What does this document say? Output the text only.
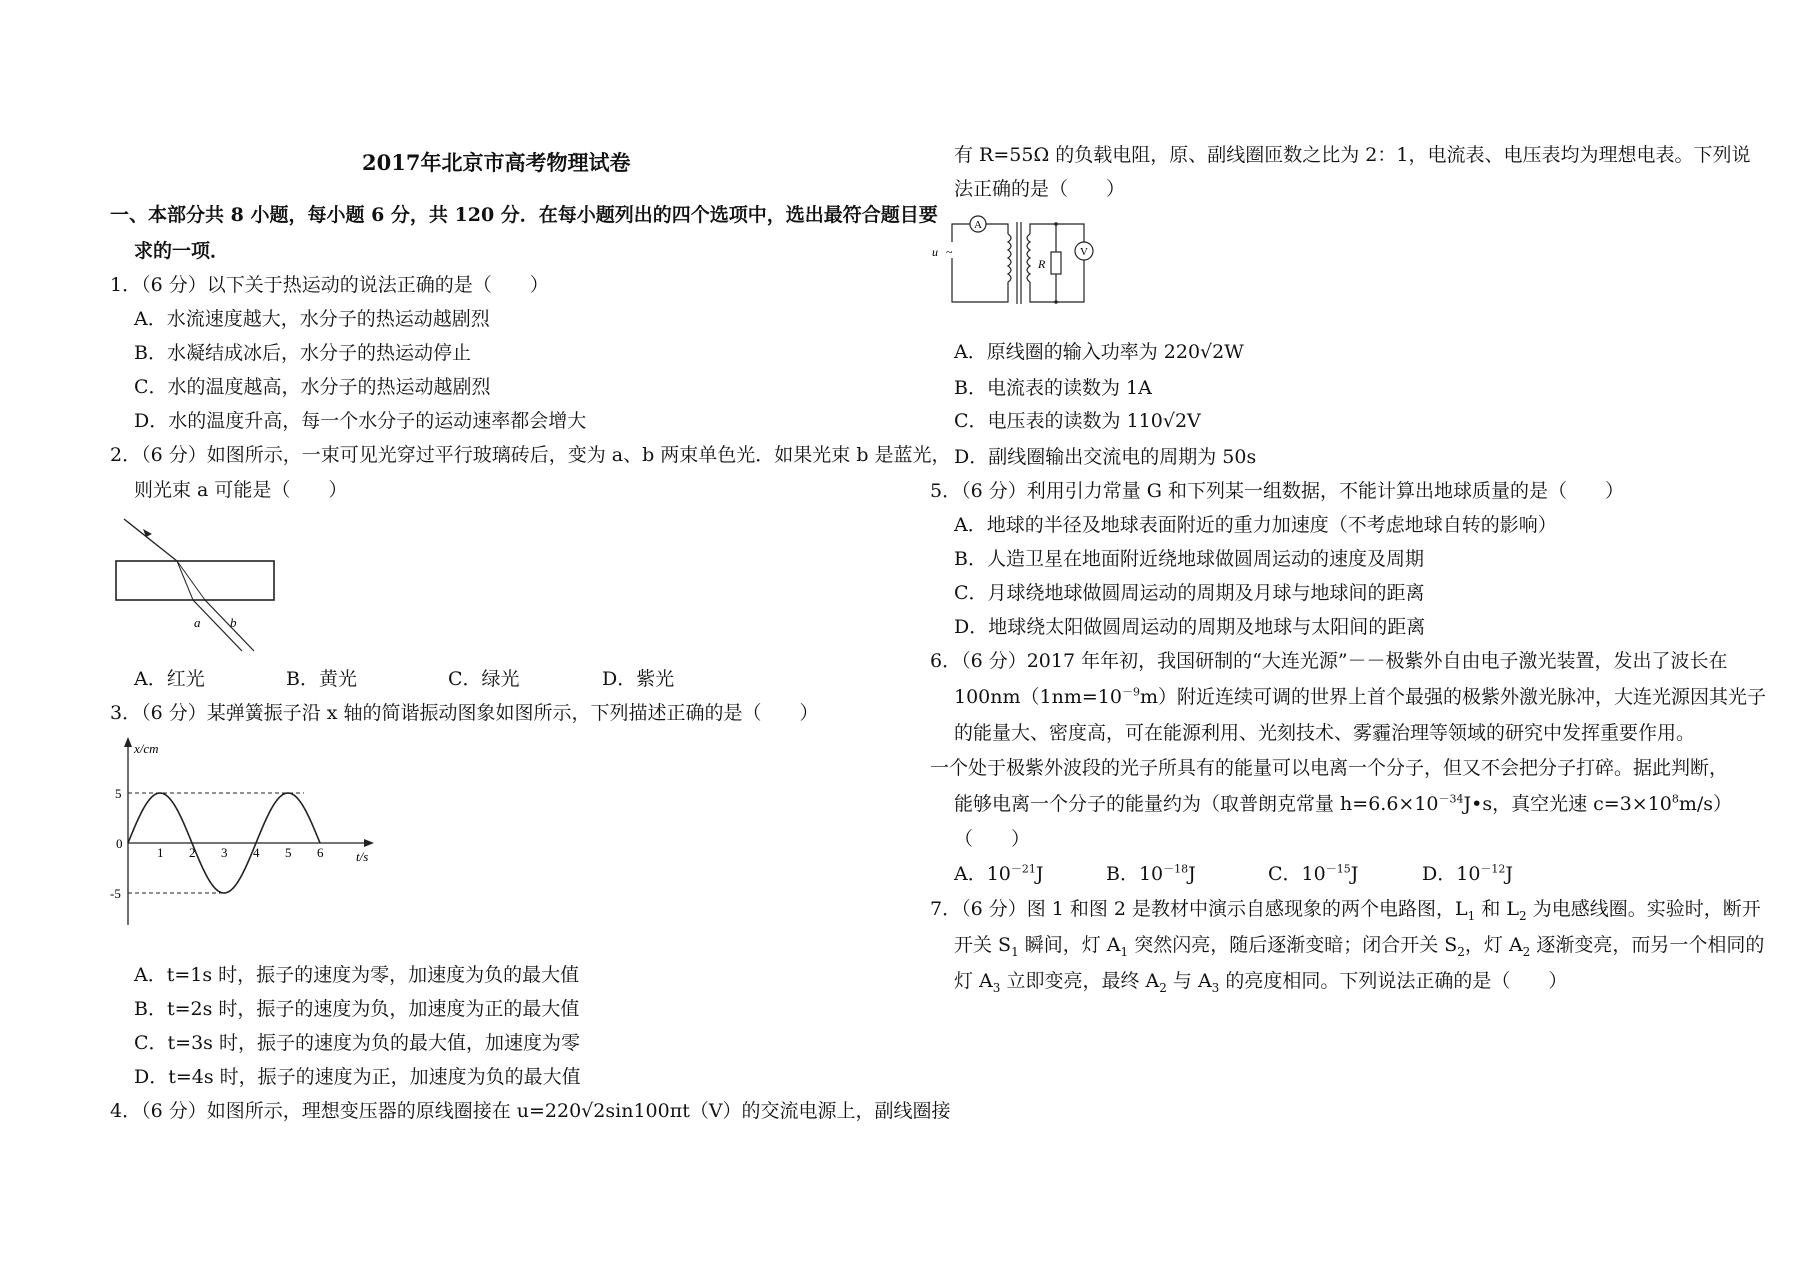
2017年北京市高考物理试卷
一、本部分共 8 小题，每小题 6 分，共 120 分．在每小题列出的四个选项中，选出最符合题目要
求的一项．
1．（6 分）以下关于热运动的说法正确的是（　　）
A．水流速度越大，水分子的热运动越剧烈
B．水凝结成冰后，水分子的热运动停止
C．水的温度越高，水分子的热运动越剧烈
D．水的温度升高，每一个水分子的运动速率都会增大
2．（6 分）如图所示，一束可见光穿过平行玻璃砖后，变为 a、b 两束单色光．如果光束 b 是蓝光，
则光束 a 可能是（　　）
a b
A．红光	B．黄光	C．绿光	D．紫光
3．（6 分）某弹簧振子沿 x 轴的简谐振动图象如图所示，下列描述正确的是（　　）
x/cm
t/s
5
0
-5
1 2 3 4 5 6
A．t=1s 时，振子的速度为零，加速度为负的最大值
B．t=2s 时，振子的速度为负，加速度为正的最大值
C．t=3s 时，振子的速度为负的最大值，加速度为零
D．t=4s 时，振子的速度为正，加速度为负的最大值
4．（6 分）如图所示，理想变压器的原线圈接在 u=220√2sin100πt（V）的交流电源上，副线圈接
有 R=55Ω 的负载电阻，原、副线圈匝数之比为 2：1，电流表、电压表均为理想电表。下列说
法正确的是（　　）
A
u ~
R
V
A．原线圈的输入功率为 220√2W
B．电流表的读数为 1A
C．电压表的读数为 110√2V
D．副线圈输出交流电的周期为 50s
5．（6 分）利用引力常量 G 和下列某一组数据，不能计算出地球质量的是（　　）
A．地球的半径及地球表面附近的重力加速度（不考虑地球自转的影响）
B．人造卫星在地面附近绕地球做圆周运动的速度及周期
C．月球绕地球做圆周运动的周期及月球与地球间的距离
D．地球绕太阳做圆周运动的周期及地球与太阳间的距离
6．（6 分）2017 年年初，我国研制的“大连光源”－－极紫外自由电子激光装置，发出了波长在
$100nm(1nm=10^{-9}m)$附近连续可调的世界上首个最强的极紫外激光脉冲，大连光源因其光子
的能量大、密度高，可在能源利用、光刻技术、雾霾治理等领域的研究中发挥重要作用。
一个处于极紫外波段的光子所具有的能量可以电离一个分子，但又不会把分子打碎。据此判断，
能够电离一个分子的能量约为（取普朗克常量 $h=6.6\times 10^{-34}J•s$，真空光速 $c=3\times 10^8m/s$）
（　　）
A．$10^{-21}J$	B．$10^{-18}J$	C．$10^{-15}J$	D．$10^{-12}J$
7．（6 分）图 1 和图 2 是教材中演示自感现象的两个电路图，$L_1$ 和 $L_2$ 为电感线圈。实验时，断开
开关 $S_1$ 瞬间，灯 $A_1$ 突然闪亮，随后逐渐变暗；闭合开关 $S_2$，灯 $A_2$ 逐渐变亮，而另一个相同的
灯 $A_3$ 立即变亮，最终 $A_2$ 与 $A_3$ 的亮度相同。下列说法正确的是（　　）
